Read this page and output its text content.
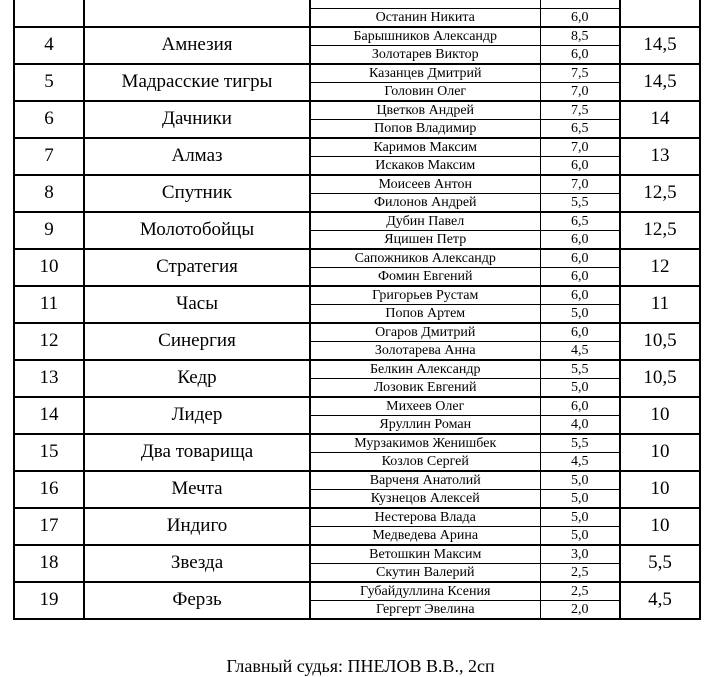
		Останин Никита	6,0	
4	Амнезия	Барышников Александр	8,5	14,5
		Золотарев Виктор	6,0	
5	Мадрасские тигры	Казанцев Дмитрий	7,5	14,5
		Головин Олег	7,0	
6	Дачники	Цветков Андрей	7,5	14
		Попов Владимир	6,5	
7	Алмаз	Каримов Максим	7,0	13
		Искаков Максим	6,0	
8	Спутник	Моисеев Антон	7,0	12,5
		Филонов Андрей	5,5	
9	Молотобойцы	Дубин Павел	6,5	12,5
		Яцишен Петр	6,0	
10	Стратегия	Сапожников Александр	6,0	12
		Фомин Евгений	6,0	
11	Часы	Григорьев Рустам	6,0	11
		Попов Артем	5,0	
12	Синергия	Огаров Дмитрий	6,0	10,5
		Золотарева Анна	4,5	
13	Кедр	Белкин Александр	5,5	10,5
		Лозовик Евгений	5,0	
14	Лидер	Михеев Олег	6,0	10
		Яруллин Роман	4,0	
15	Два товарища	Мурзакимов Женишбек	5,5	10
		Козлов Сергей	4,5	
16	Мечта	Варченя Анатолий	5,0	10
		Кузнецов Алексей	5,0	
17	Индиго	Нестерова Влада	5,0	10
		Медведева Арина	5,0	
18	Звезда	Ветошкин Максим	3,0	5,5
		Скутин Валерий	2,5	
19	Ферзь	Губайдуллина Ксения	2,5	4,5
		Гергерт Эвелина	2,0	
Главный судья: ПНЕЛОВ В.В., 2сп
